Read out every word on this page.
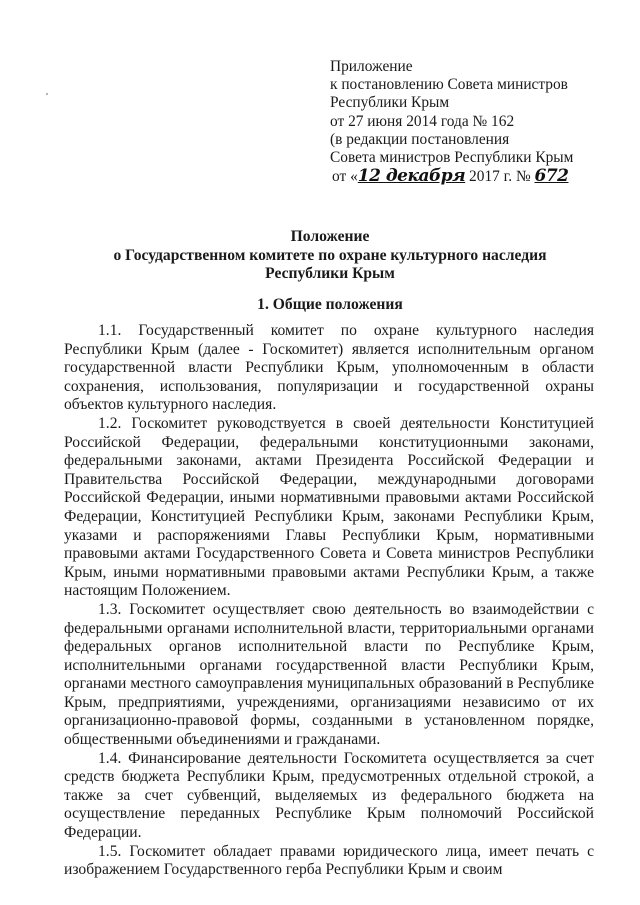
Приложение
к постановлению Совета министров
Республики Крым
от 27 июня 2014 года № 162
(в редакции постановления
Совета министров Республики Крым
от «12 декабря 2017 г. № 672
Положение
о Государственном комитете по охране культурного наследия
Республики Крым
1. Общие положения

1.1. Государственный комитет по охране культурного наследия Республики Крым (далее - Госкомитет) является исполнительным органом государственной власти Республики Крым, уполномоченным в области сохранения, использования, популяризации и государственной охраны объектов культурного наследия.

1.2. Госкомитет руководствуется в своей деятельности Конституцией Российской Федерации, федеральными конституционными законами, федеральными законами, актами Президента Российской Федерации и Правительства Российской Федерации, международными договорами Российской Федерации, иными нормативными правовыми актами Российской Федерации, Конституцией Республики Крым, законами Республики Крым, указами и распоряжениями Главы Республики Крым, нормативными правовыми актами Государственного Совета и Совета министров Республики Крым, иными нормативными правовыми актами Республики Крым, а также настоящим Положением.

1.3. Госкомитет осуществляет свою деятельность во взаимодействии с федеральными органами исполнительной власти, территориальными органами федеральных органов исполнительной власти по Республике Крым, исполнительными органами государственной власти Республики Крым, органами местного самоуправления муниципальных образований в Республике Крым, предприятиями, учреждениями, организациями независимо от их организационно-правовой формы, созданными в установленном порядке, общественными объединениями и гражданами.

1.4. Финансирование деятельности Госкомитета осуществляется за счет средств бюджета Республики Крым, предусмотренных отдельной строкой, а также за счет субвенций, выделяемых из федерального бюджета на осуществление переданных Республике Крым полномочий Российской Федерации.

1.5. Госкомитет обладает правами юридического лица, имеет печать с изображением Государственного герба Республики Крым и своим
